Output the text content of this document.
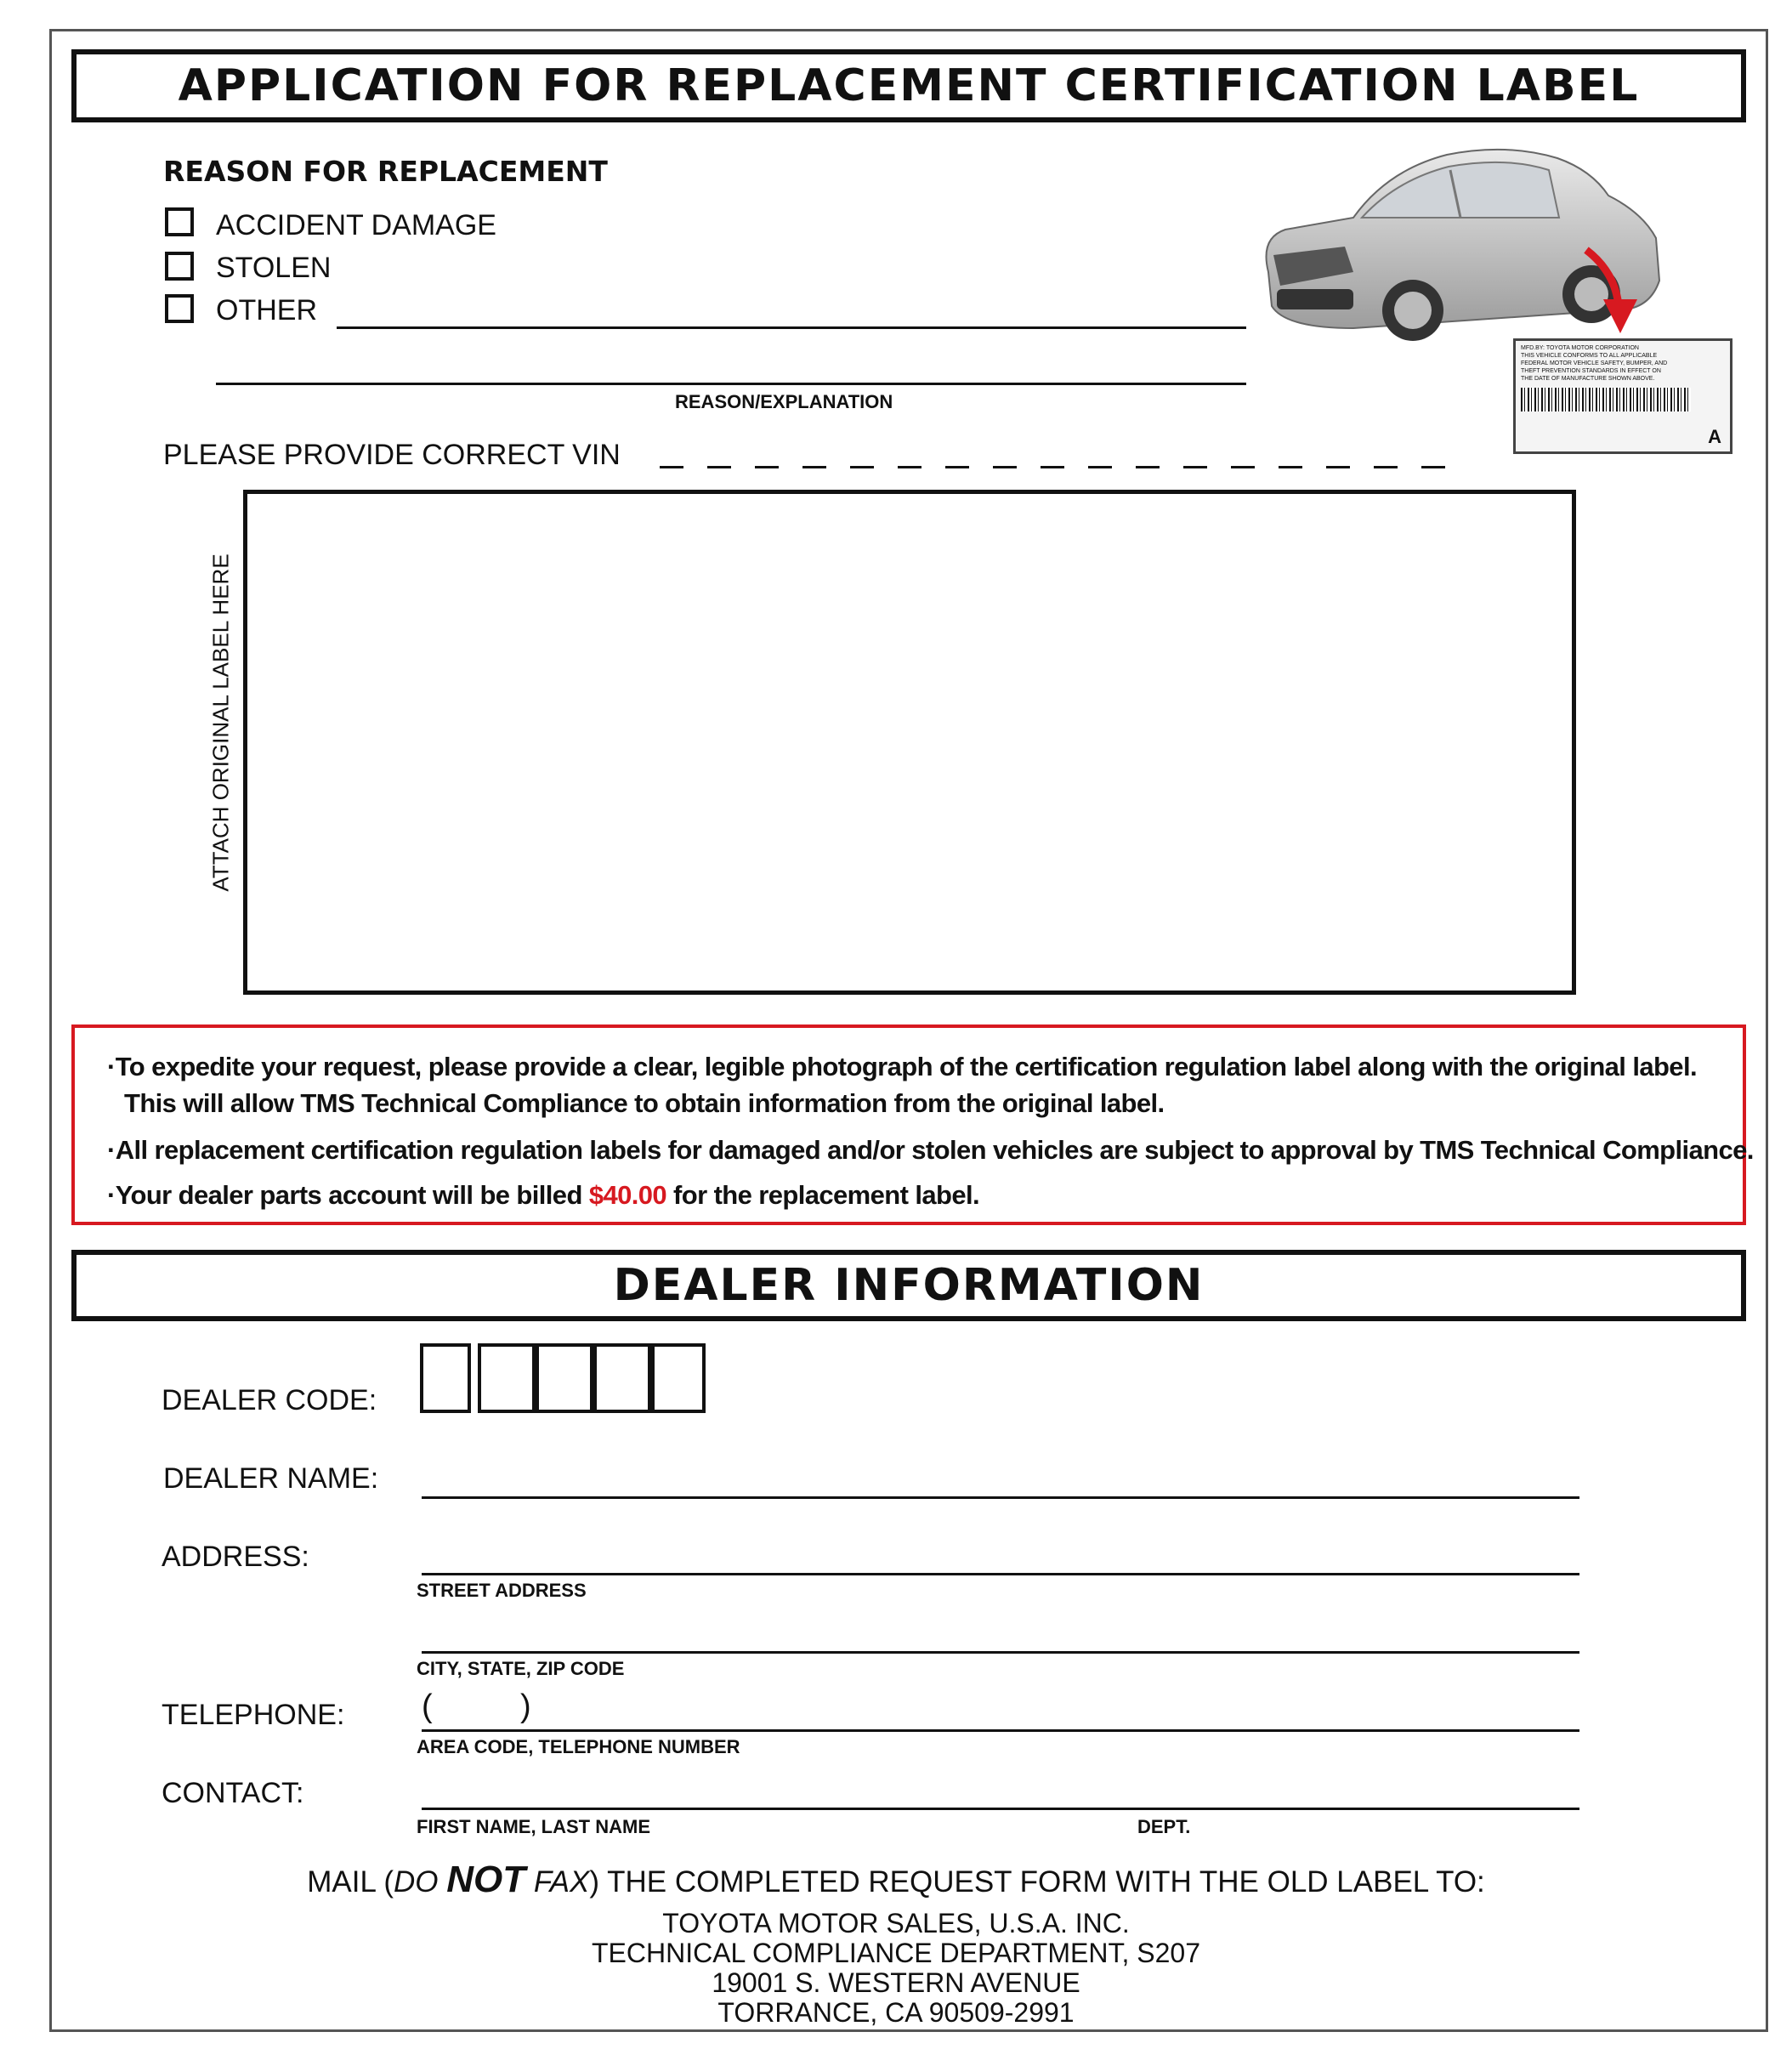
APPLICATION FOR REPLACEMENT CERTIFICATION LABEL
REASON FOR REPLACEMENT
ACCIDENT DAMAGE
STOLEN
OTHER
REASON/EXPLANATION
MFD.BY: TOYOTA MOTOR CORPORATION
THIS VEHICLE CONFORMS TO ALL APPLICABLE
FEDERAL MOTOR VEHICLE SAFETY, BUMPER, AND
THEFT PREVENTION STANDARDS IN EFFECT ON
THE DATE OF MANUFACTURE SHOWN ABOVE.
A
PLEASE PROVIDE CORRECT VIN
ATTACH ORIGINAL LABEL HERE

·To expedite your request, please provide a clear, legible photograph of the certification regulation label along with the original label.

This will allow TMS Technical Compliance to obtain information from the original label.

·All replacement certification regulation labels for damaged and/or stolen vehicles are subject to approval by TMS Technical Compliance.

·Your dealer parts account will be billed $40.00 for the replacement label.

DEALER INFORMATION
DEALER CODE:
DEALER NAME:
ADDRESS:
STREET ADDRESS
CITY, STATE, ZIP CODE
TELEPHONE: (	)
AREA CODE, TELEPHONE NUMBER
CONTACT:
FIRST NAME, LAST NAME	DEPT.
MAIL (DO NOT FAX) THE COMPLETED REQUEST FORM WITH THE OLD LABEL TO:
TOYOTA MOTOR SALES, U.S.A. INC.
TECHNICAL COMPLIANCE DEPARTMENT, S207
19001 S. WESTERN AVENUE
TORRANCE, CA 90509-2991
